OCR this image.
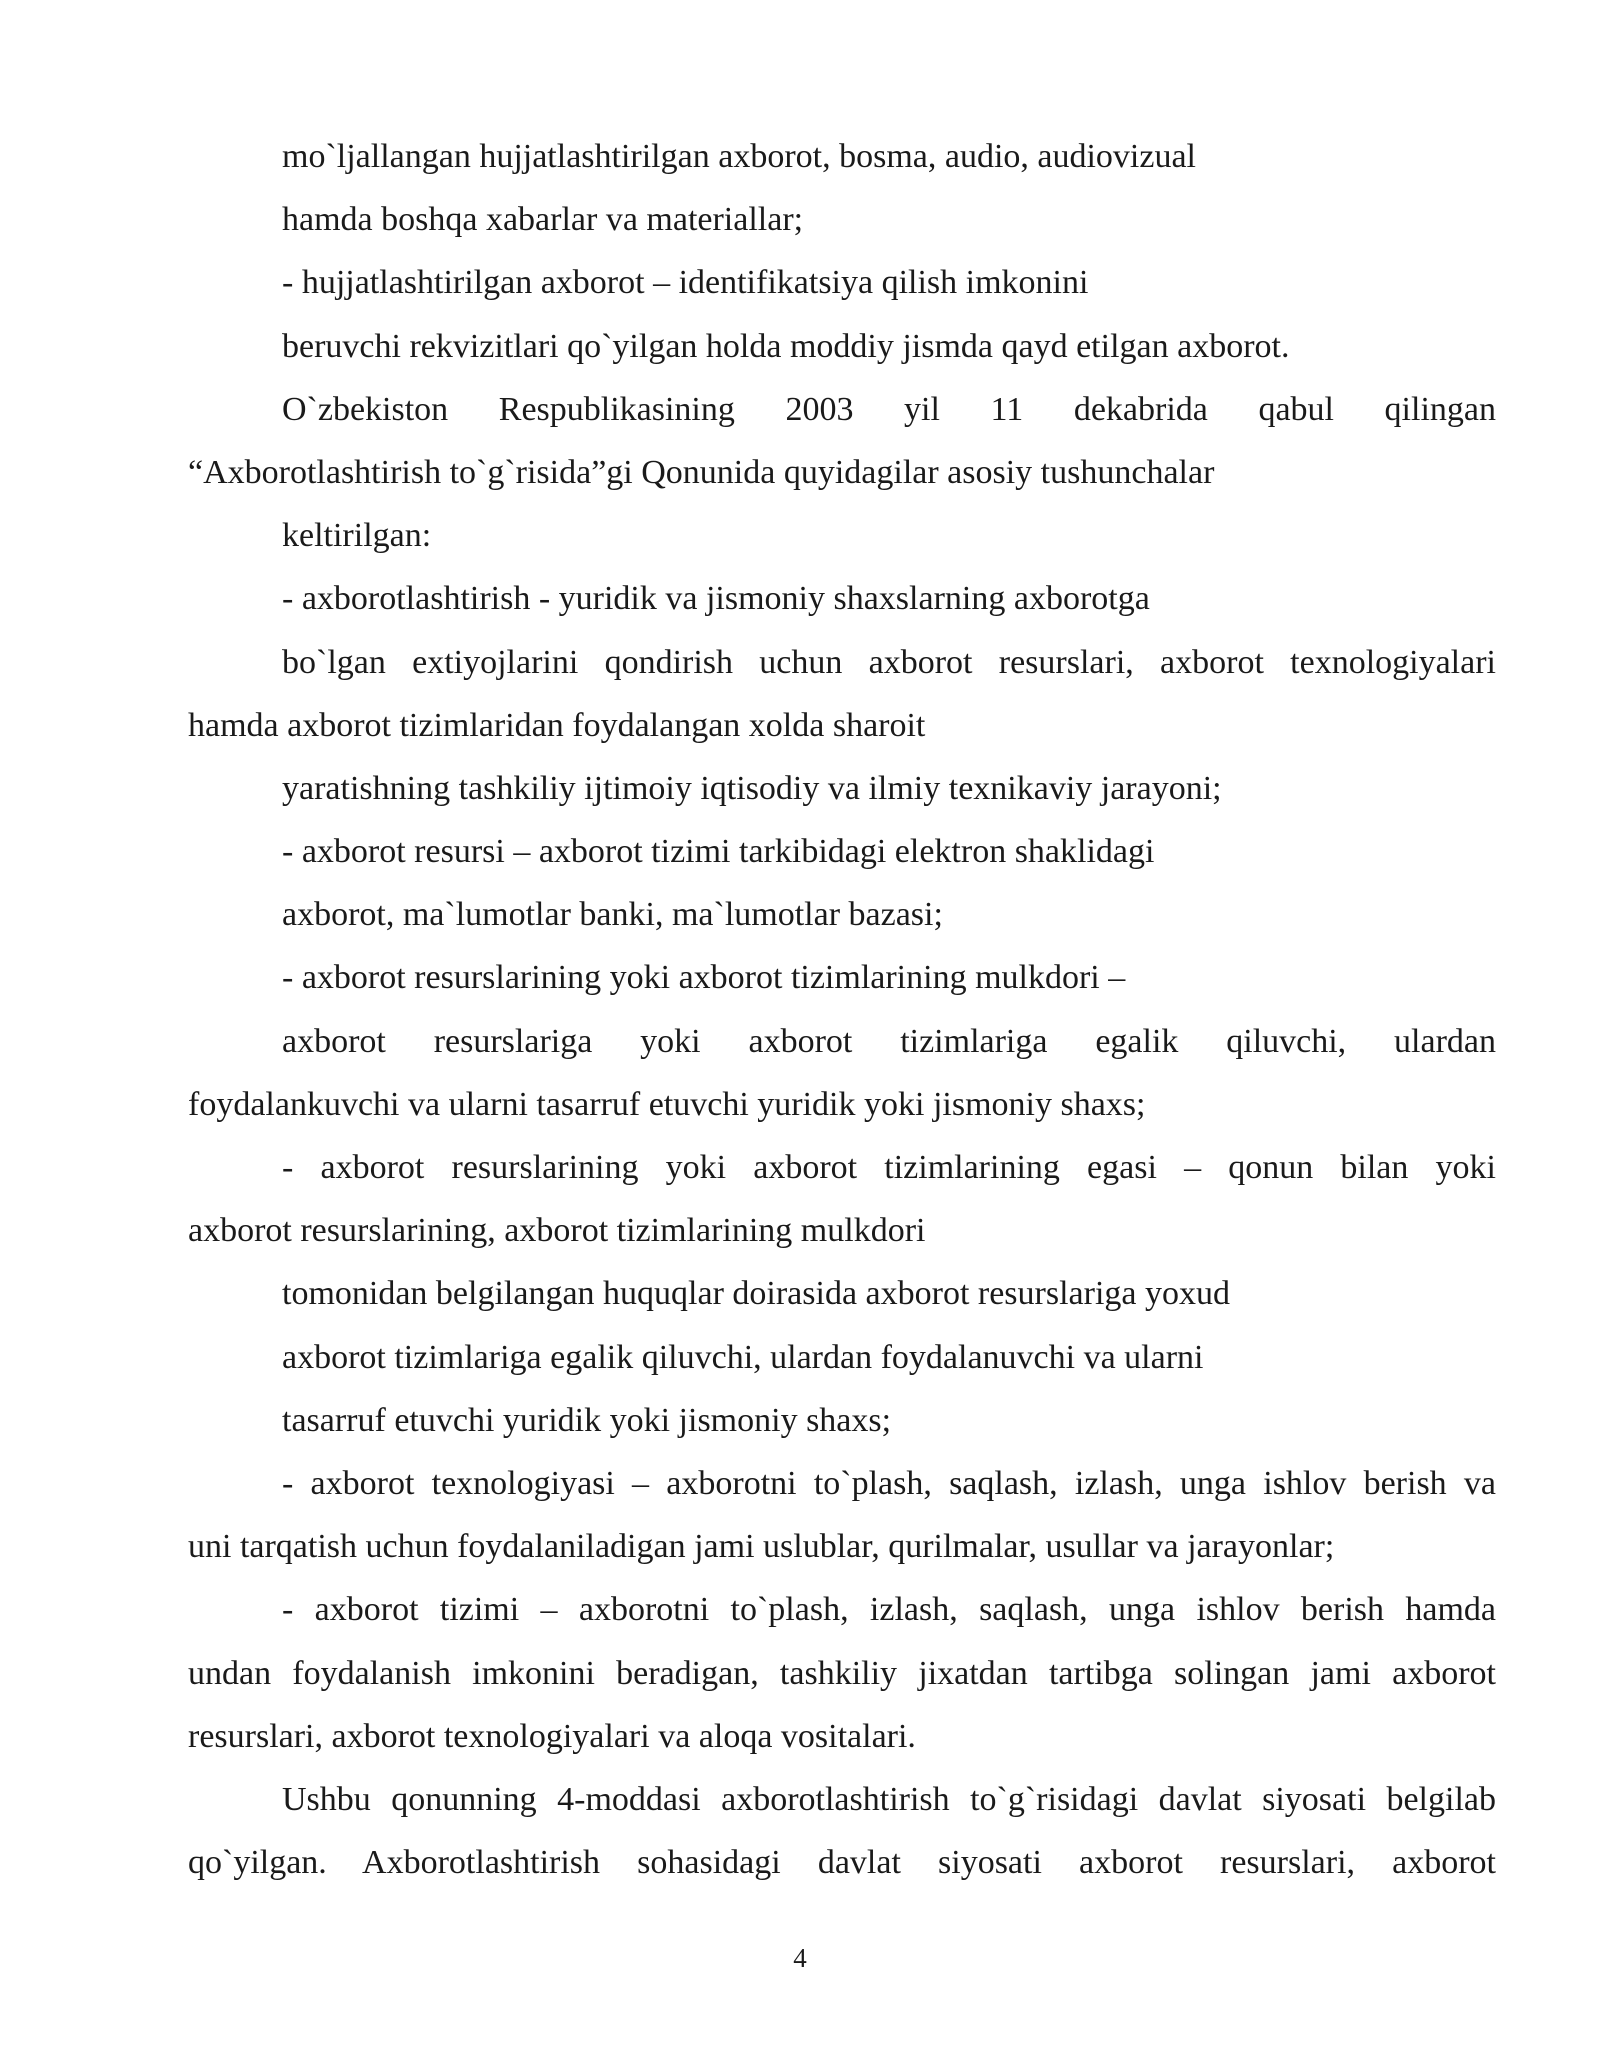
mo`ljallangan hujjatlashtirilgan axborot, bosma, audio, audiovizual
hamda boshqa xabarlar va materiallar;
- hujjatlashtirilgan axborot – identifikatsiya qilish imkonini
beruvchi rekvizitlari qo`yilgan holda moddiy jismda qayd etilgan axborot.
O`zbekiston Respublikasining 2003 yil 11 dekabrida qabul qilingan
“Axborotlashtirish to`g`risida”gi Qonunida quyidagilar asosiy tushunchalar
keltirilgan:
- axborotlashtirish - yuridik va jismoniy shaxslarning axborotga
bo`lgan extiyojlarini qondirish uchun axborot resurslari, axborot texnologiyalari
hamda axborot tizimlaridan foydalangan xolda sharoit
yaratishning tashkiliy ijtimoiy iqtisodiy va ilmiy texnikaviy jarayoni;
- axborot resursi – axborot tizimi tarkibidagi elektron shaklidagi
axborot, ma`lumotlar banki, ma`lumotlar bazasi;
- axborot resurslarining yoki axborot tizimlarining mulkdori –
axborot resurslariga yoki axborot tizimlariga egalik qiluvchi, ulardan
foydalankuvchi va ularni tasarruf etuvchi yuridik yoki jismoniy shaxs;
- axborot resurslarining yoki axborot tizimlarining egasi – qonun bilan yoki
axborot resurslarining, axborot tizimlarining mulkdori
tomonidan belgilangan huquqlar doirasida axborot resurslariga yoxud
axborot tizimlariga egalik qiluvchi, ulardan foydalanuvchi va ularni
tasarruf etuvchi yuridik yoki jismoniy shaxs;
- axborot texnologiyasi – axborotni to`plash, saqlash, izlash, unga ishlov berish va
uni tarqatish uchun foydalaniladigan jami uslublar, qurilmalar, usullar va jarayonlar;
- axborot tizimi – axborotni to`plash, izlash, saqlash, unga ishlov berish hamda
undan foydalanish imkonini beradigan, tashkiliy jixatdan tartibga solingan jami axborot
resurslari, axborot texnologiyalari va aloqa vositalari.
Ushbu qonunning 4-moddasi axborotlashtirish to`g`risidagi davlat siyosati belgilab
qo`yilgan. Axborotlashtirish sohasidagi davlat siyosati axborot resurslari, axborot
4
